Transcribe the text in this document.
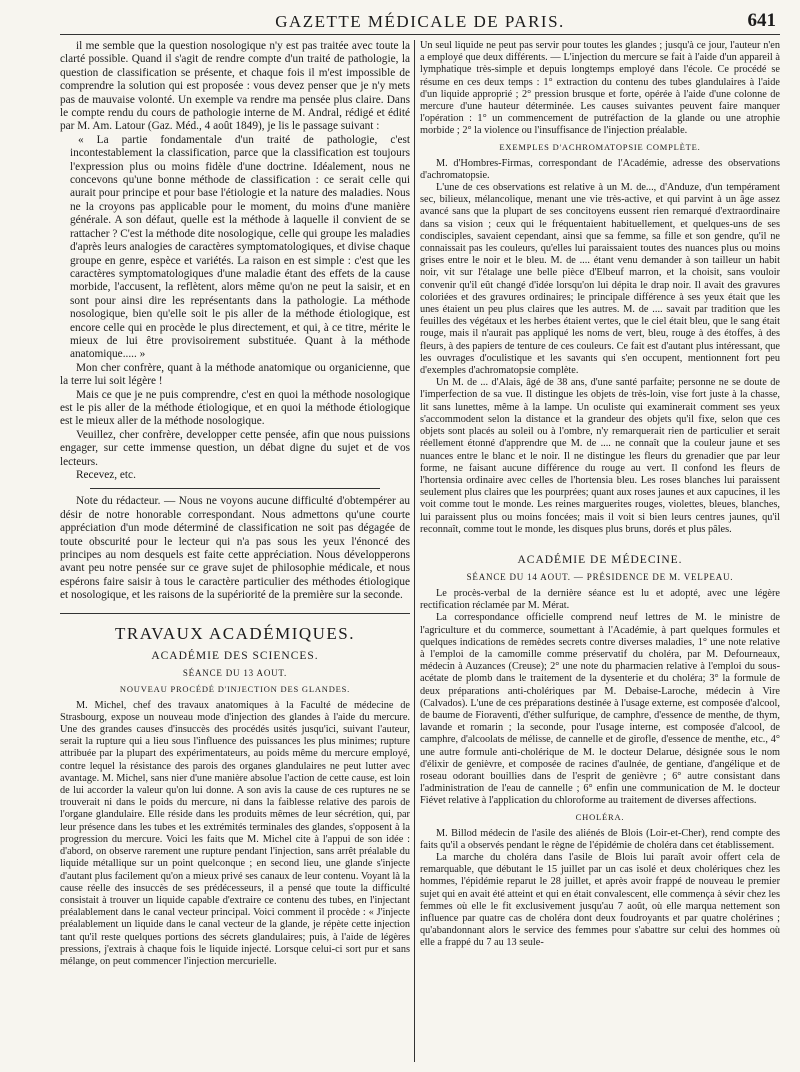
GAZETTE MÉDICALE DE PARIS.	641

il me semble que la question nosologique n'y est pas traitée avec toute la clarté possible. Quand il s'agit de rendre compte d'un traité de pathologie, la question de classification se présente, et chaque fois il m'est impossible de comprendre la solution qui est proposée : vous devez penser que je n'y mets pas de mauvaise volonté. Un exemple va rendre ma pensée plus claire. Dans le compte rendu du cours de pathologie interne de M. Andral, rédigé et édité par M. Am. Latour (Gaz. Méd., 4 août 1849), je lis le passage suivant :

« La partie fondamentale d'un traité de pathologie, c'est incontestablement la classification, parce que la classification est toujours l'expression plus ou moins fidèle d'une doctrine. Idéalement, nous ne concevons qu'une bonne méthode de classification : ce serait celle qui aurait pour principe et pour base l'étiologie et la nature des maladies. Nous ne la croyons pas applicable pour le moment, du moins d'une manière générale. A son défaut, quelle est la méthode à laquelle il convient de se rattacher ? C'est la méthode dite nosologique, celle qui groupe les maladies d'après leurs analogies de caractères symptomatologiques, et divise chaque groupe en genre, espèce et variétés. La raison en est simple : c'est que les caractères symptomatologiques d'une maladie étant des effets de la cause morbide, l'accusent, la reflètent, alors même qu'on ne peut la saisir, et en sont pour ainsi dire les représentants dans la pathologie. La méthode nosologique, bien qu'elle soit le pis aller de la méthode étiologique, est encore celle qui en procède le plus directement, et qui, à ce titre, mérite le mieux de lui être provisoirement substituée. Quant à la méthode anatomique..... »

Mon cher confrère, quant à la méthode anatomique ou organicienne, que la terre lui soit légère !

Mais ce que je ne puis comprendre, c'est en quoi la méthode nosologique est le pis aller de la méthode étiologique, et en quoi la méthode étiologique est le mieux aller de la méthode nosologique.

Veuillez, cher confrère, developper cette pensée, afin que nous puissions engager, sur cette immense question, un débat digne du sujet et de vos lecteurs.

Recevez, etc.

Note du rédacteur. — Nous ne voyons aucune difficulté d'obtempérer au désir de notre honorable correspondant. Nous admettons qu'une courte appréciation d'un mode déterminé de classification ne soit pas dégagée de toute obscurité pour le lecteur qui n'a pas sous les yeux l'énoncé des principes au nom desquels est faite cette appréciation. Nous développerons avant peu notre pensée sur ce grave sujet de philosophie médicale, et nous espérons faire saisir à tous le caractère particulier des méthodes étiologique et nosologique, et les raisons de la supériorité de la première sur la seconde.

TRAVAUX ACADÉMIQUES.
ACADÉMIE DES SCIENCES.
SÉANCE DU 13 AOUT.
NOUVEAU PROCÉDÉ D'INJECTION DES GLANDES.

M. Michel, chef des travaux anatomiques à la Faculté de médecine de Strasbourg, expose un nouveau mode d'injection des glandes à l'aide du mercure. Une des grandes causes d'insuccès des procédés usités jusqu'ici, suivant l'auteur, serait la rupture qui a lieu sous l'influence des puissances les plus minimes; rupture attribuée par la plupart des expérimentateurs, au poids même du mercure employé, contre lequel la résistance des parois des organes glandulaires ne peut lutter avec avantage. M. Michel, sans nier d'une manière absolue l'action de cette cause, est loin de lui accorder la valeur qu'on lui donne. A son avis la cause de ces ruptures ne se trouverait ni dans le poids du mercure, ni dans la faiblesse relative des parois de l'organe glandulaire. Elle réside dans les produits mêmes de leur sécrétion, qui, par leur présence dans les tubes et les extrémités terminales des glandes, s'opposent à la progression du mercure. Voici les faits que M. Michel cite à l'appui de son idée : d'abord, on observe rarement une rupture pendant l'injection, sans arrêt préalable du liquide métallique sur un point quelconque ; en second lieu, une glande s'injecte d'autant plus facilement qu'on a mieux privé ses canaux de leur contenu. Voyant là la cause réelle des insuccès de ses prédécesseurs, il a pensé que toute la difficulté consistait à trouver un liquide capable d'extraire ce contenu des tubes, en l'injectant préalablement dans le canal vecteur principal. Voici comment il procède : « J'injecte préalablement un liquide dans le canal vecteur de la glande, je répète cette injection tant qu'il reste quelques portions des sécrets glandulaires; puis, à l'aide de légères pressions, j'extrais à chaque fois le liquide injecté. Lorsque celui-ci sort pur et sans mélange, on peut commencer l'injection mercurielle.

Un seul liquide ne peut pas servir pour toutes les glandes ; jusqu'à ce jour, l'auteur n'en a employé que deux différents. — L'injection du mercure se fait à l'aide d'un appareil à lymphatique très-simple et depuis longtemps employé dans l'école. Ce procédé se résume en ces deux temps : 1° extraction du contenu des tubes glandulaires à l'aide d'un liquide approprié ; 2° pression brusque et forte, opérée à l'aide d'une colonne de mercure d'une hauteur déterminée. Les causes suivantes peuvent faire manquer l'opération : 1° un commencement de putréfaction de la glande ou une atrophie morbide ; 2° la violence ou l'insuffisance de l'injection préalable.

EXEMPLES D'ACHROMATOPSIE COMPLÈTE.

M. d'Hombres-Firmas, correspondant de l'Académie, adresse des observations d'achromatopsie.

L'une de ces observations est relative à un M. de..., d'Anduze, d'un tempérament sec, bilieux, mélancolique, menant une vie très-active, et qui parvint à un âge assez avancé sans que la plupart de ses concitoyens eussent rien remarqué d'extraordinaire dans sa vision ; ceux qui le fréquentaient habituellement, et quelques-uns de ses condisciples, savaient cependant, ainsi que sa femme, sa fille et son gendre, qu'il ne connaissait pas les couleurs, qu'elles lui paraissaient toutes des nuances plus ou moins grises entre le noir et le bleu. M. de .... étant venu demander à son tailleur un habit noir, vit sur l'étalage une belle pièce d'Elbeuf marron, et la choisit, sans vouloir convenir qu'il eût changé d'idée lorsqu'on lui dépita le drap noir. Il avait des gravures coloriées et des gravures ordinaires; le principale différence à ses yeux était que les unes étaient un peu plus claires que les autres. M. de .... savait par tradition que les feuilles des végétaux et les herbes étaient vertes, que le ciel était bleu, que le sang était rouge, mais il n'aurait pas appliqué les noms de vert, bleu, rouge à des étoffes, à des fleurs, à des papiers de tenture de ces couleurs. Ce fait est d'autant plus intéressant, que les ouvrages d'oculistique et les savants qui s'en occupent, mentionnent fort peu d'exemples d'achromatopsie complète.

Un M. de ... d'Alais, âgé de 38 ans, d'une santé parfaite; personne ne se doute de l'imperfection de sa vue. Il distingue les objets de très-loin, vise fort juste à la chasse, lit sans lunettes, même à la lampe. Un oculiste qui examinerait comment ses yeux s'accommodent selon la distance et la grandeur des objets qu'il fixe, selon que ces objets sont placés au soleil ou à l'ombre, n'y remarquerait rien de particulier et serait réellement étonné d'apprendre que M. de .... ne connaît que la couleur jaune et ses nuances entre le blanc et le noir. Il ne distingue les fleurs du grenadier que par leur forme, ne faisant aucune différence du rouge au vert. Il confond les fleurs de l'hortensia ordinaire avec celles de l'hortensia bleu. Les roses blanches lui paraissent seulement plus claires que les pourprées; quant aux roses jaunes et aux capucines, il les voit comme tout le monde. Les reines marguerites rouges, violettes, bleues, blanches, lui paraissent plus ou moins foncées; mais il voit si bien leurs centres jaunes, qu'il reconnaît, comme tout le monde, les disques plus bruns, dorés et plus pâles.

ACADÉMIE DE MÉDECINE.
SÉANCE DU 14 AOUT. — PRÉSIDENCE DE M. VELPEAU.

Le procès-verbal de la dernière séance est lu et adopté, avec une légère rectification réclamée par M. Mérat.

La correspondance officielle comprend neuf lettres de M. le ministre de l'agriculture et du commerce, soumettant à l'Académie, à part quelques formules et quelques indications de remèdes secrets contre diverses maladies, 1° une note relative à l'emploi de la camomille comme préservatif du choléra, par M. Defourneaux, médecin à Auzances (Creuse); 2° une note du pharmacien relative à l'emploi du sous-acétate de plomb dans le traitement de la dysenterie et du choléra; 3° la formule de deux préparations anti-cholériques par M. Debaise-Laroche, médecin à Vire (Calvados). L'une de ces préparations destinée à l'usage externe, est composée d'alcool, de baume de Fioraventi, d'éther sulfurique, de camphre, d'essence de menthe, de thym, lavande et romarin ; la seconde, pour l'usage interne, est composée d'alcool, de camphre, d'alcoolats de mélisse, de cannelle et de girofle, d'essence de menthe, etc., 4° une autre formule anti-cholérique de M. le docteur Delarue, désignée sous le nom d'élixir de genièvre, et composée de racines d'aulnée, de gentiane, d'angélique et de roseau odorant bouillies dans de l'esprit de genièvre ; 6° autre consistant dans l'administration de l'eau de cannelle ; 6° enfin une communication de M. le docteur Fiévet relative à l'application du chloroforme au traitement de diverses affections.

CHOLÉRA.

M. Billod médecin de l'asile des aliénés de Blois (Loir-et-Cher), rend compte des faits qu'il a observés pendant le règne de l'épidémie de choléra dans cet établissement.

La marche du choléra dans l'asile de Blois lui paraît avoir offert cela de remarquable, que débutant le 15 juillet par un cas isolé et deux cholériques chez les hommes, l'épidémie reparut le 28 juillet, et après avoir frappé de nouveau le premier sujet qui en avait été atteint et qui en était convalescent, elle commença à sévir chez les femmes où elle le fit exclusivement jusqu'au 7 août, où elle marqua nettement son influence par quatre cas de choléra dont deux foudroyants et par quatre cholérines ; qu'abandonnant alors le service des femmes pour s'abattre sur celui des hommes où elle a frappé du 7 au 13 seule-
